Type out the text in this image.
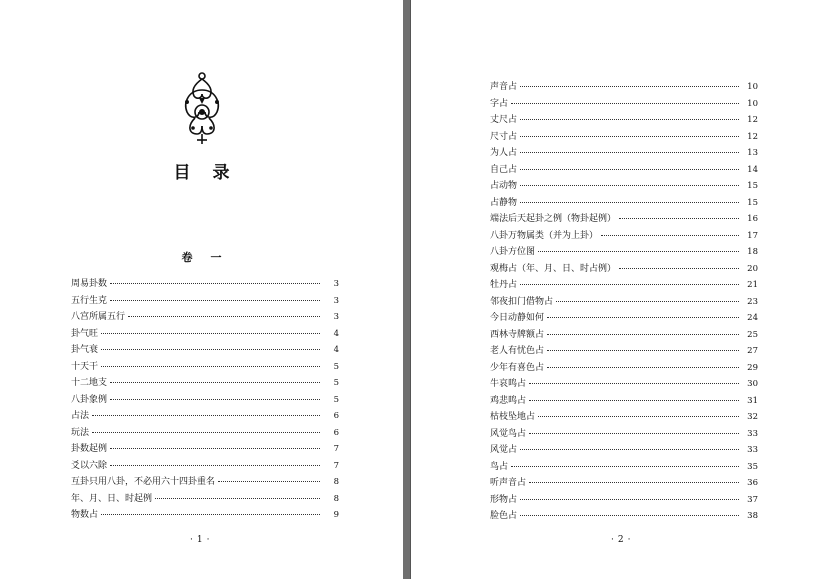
目录
卷一
周易卦数	3
五行生克	3
八宫所属五行	3
卦气旺	4
卦气衰	4
十天干	5
十二地支	5
八卦象例	5
占法	6
玩法	6
卦数起例	7
爻以六除	7
互卦只用八卦，不必用六十四卦重名	8
年、月、日、时起例	8
物数占	9
·1·	·2·
声音占	10
字占	10
丈尺占	12
尺寸占	12
为人占	13
自己占	14
占动物	15
占静物	15
端法后天起卦之例（物卦起例）	16
八卦万物属类（并为上卦）	17
八卦方位图	18
观梅占（年、月、日、时占例）	20
牡丹占	21
邻夜扣门借物占	23
今日动静如何	24
西林寺牌额占	25
老人有忧色占	27
少年有喜色占	29
牛哀鸣占	30
鸡悲鸣占	31
枯枝坠地占	32
风觉鸟占	33
风觉占	33
鸟占	35
听声音占	36
形物占	37
脸色占	38
